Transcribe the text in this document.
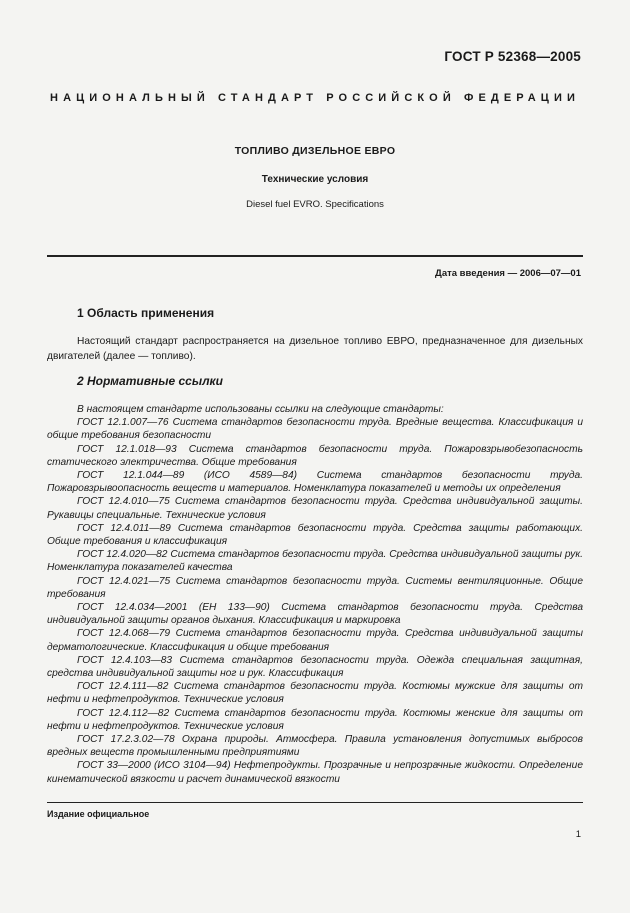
ГОСТ Р 52368—2005
НАЦИОНАЛЬНЫЙ СТАНДАРТ РОССИЙСКОЙ ФЕДЕРАЦИИ
ТОПЛИВО ДИЗЕЛЬНОЕ ЕВРО
Технические условия
Diesel fuel EVRO. Specifications
Дата введения — 2006—07—01
1 Область применения
Настоящий стандарт распространяется на дизельное топливо ЕВРО, предназначенное для дизельных двигателей (далее — топливо).
2 Нормативные ссылки

В настоящем стандарте использованы ссылки на следующие стандарты:

ГОСТ 12.1.007—76 Система стандартов безопасности труда. Вредные вещества. Классификация и общие требования безопасности

ГОСТ 12.1.018—93 Система стандартов безопасности труда. Пожаровзрывобезопасность статического электричества. Общие требования

ГОСТ 12.1.044—89 (ИСО 4589—84) Система стандартов безопасности труда. Пожаровзрывоопасность веществ и материалов. Номенклатура показателей и методы их определения

ГОСТ 12.4.010—75 Система стандартов безопасности труда. Средства индивидуальной защиты. Рукавицы специальные. Технические условия

ГОСТ 12.4.011—89 Система стандартов безопасности труда. Средства защиты работающих. Общие требования и классификация

ГОСТ 12.4.020—82 Система стандартов безопасности труда. Средства индивидуальной защиты рук. Номенклатура показателей качества

ГОСТ 12.4.021—75 Система стандартов безопасности труда. Системы вентиляционные. Общие требования

ГОСТ 12.4.034—2001 (ЕН 133—90) Система стандартов безопасности труда. Средства индивидуальной защиты органов дыхания. Классификация и маркировка

ГОСТ 12.4.068—79 Система стандартов безопасности труда. Средства индивидуальной защиты дерматологические. Классификация и общие требования

ГОСТ 12.4.103—83 Система стандартов безопасности труда. Одежда специальная защитная, средства индивидуальной защиты ног и рук. Классификация

ГОСТ 12.4.111—82 Система стандартов безопасности труда. Костюмы мужские для защиты от нефти и нефтепродуктов. Технические условия

ГОСТ 12.4.112—82 Система стандартов безопасности труда. Костюмы женские для защиты от нефти и нефтепродуктов. Технические условия

ГОСТ 17.2.3.02—78 Охрана природы. Атмосфера. Правила установления допустимых выбросов вредных веществ промышленными предприятиями

ГОСТ 33—2000 (ИСО 3104—94) Нефтепродукты. Прозрачные и непрозрачные жидкости. Определение кинематической вязкости и расчет динамической вязкости

Издание официальное
1
